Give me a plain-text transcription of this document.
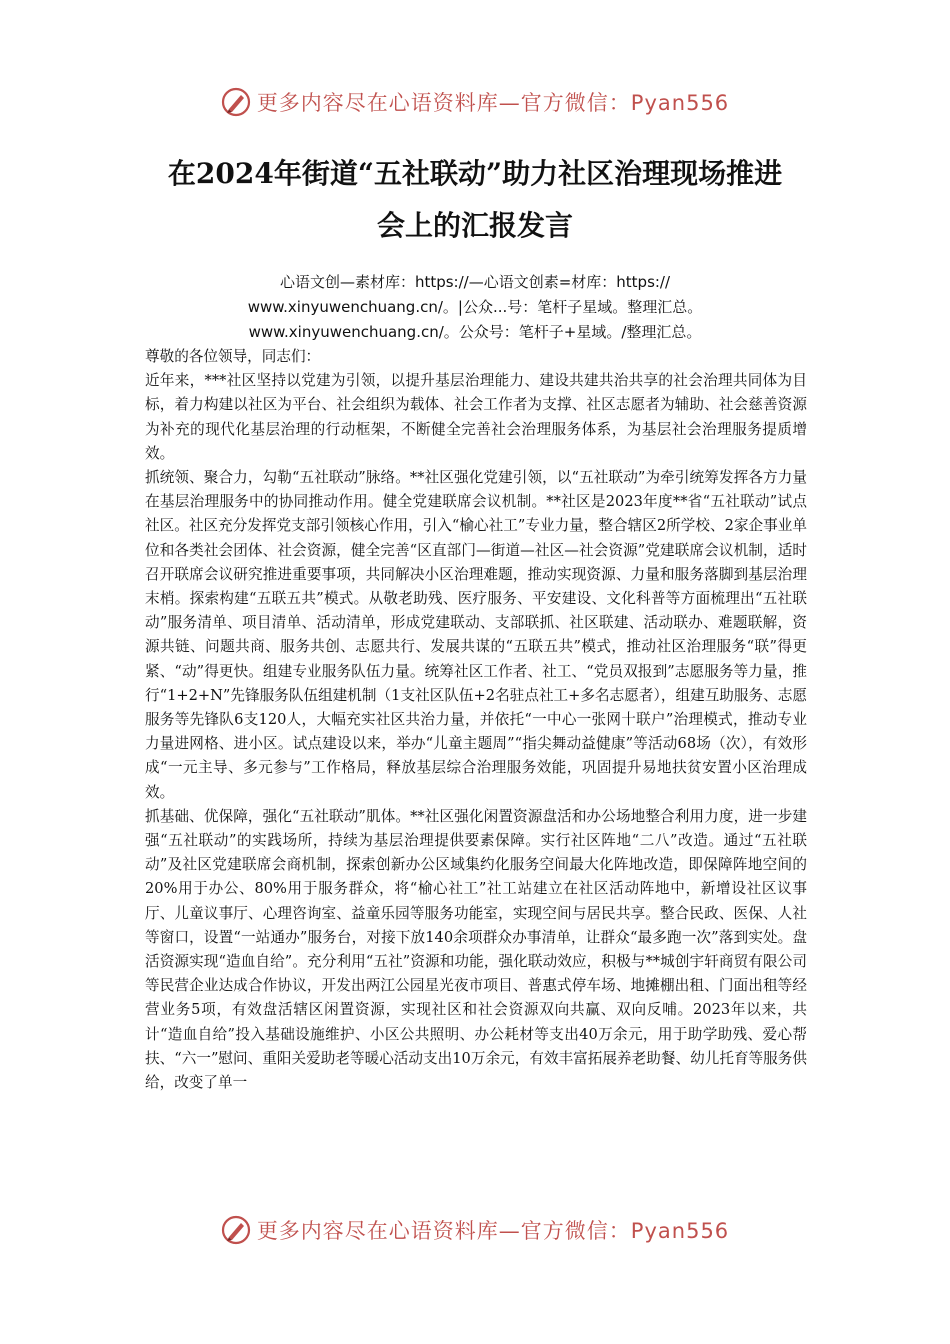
更多内容尽在心语资料库—官方微信：Pyan556
在2024年街道“五社联动”助力社区治理现场推进
会上的汇报发言
心语文创—素材库：https://—心语文创素=材库：https://
www.xinyuwenchuang.cn/。|公众...号：笔杆子星域。整理汇总。
www.xinyuwenchuang.cn/。公众号：笔杆子+星域。/整理汇总。

尊敬的各位领导，同志们：

近年来，***社区坚持以党建为引领，以提升基层治理能力、建设共建共治共享的社会治理共同体为目标，着力构建以社区为平台、社会组织为载体、社会工作者为支撑、社区志愿者为辅助、社会慈善资源为补充的现代化基层治理的行动框架，不断健全完善社会治理服务体系，为基层社会治理服务提质增效。

抓统领、聚合力，勾勒“五社联动”脉络。**社区强化党建引领，以“五社联动”为牵引统筹发挥各方力量在基层治理服务中的协同推动作用。健全党建联席会议机制。**社区是2023年度**省“五社联动”试点社区。社区充分发挥党支部引领核心作用，引入“榆心社工”专业力量，整合辖区2所学校、2家企事业单位和各类社会团体、社会资源，健全完善“区直部门—街道—社区—社会资源”党建联席会议机制，适时召开联席会议研究推进重要事项，共同解决小区治理难题，推动实现资源、力量和服务落脚到基层治理末梢。探索构建“五联五共”模式。从敬老助残、医疗服务、平安建设、文化科普等方面梳理出“五社联动”服务清单、项目清单、活动清单，形成党建联动、支部联抓、社区联建、活动联办、难题联解，资源共链、问题共商、服务共创、志愿共行、发展共谋的“五联五共”模式，推动社区治理服务“联”得更紧、“动”得更快。组建专业服务队伍力量。统筹社区工作者、社工、“党员双报到”志愿服务等力量，推行“1+2+N”先锋服务队伍组建机制（1支社区队伍+2名驻点社工+多名志愿者），组建互助服务、志愿服务等先锋队6支120人，大幅充实社区共治力量，并依托“一中心一张网十联户”治理模式，推动专业力量进网格、进小区。试点建设以来，举办“儿童主题周”“指尖舞动益健康”等活动68场（次），有效形成“一元主导、多元参与”工作格局，释放基层综合治理服务效能，巩固提升易地扶贫安置小区治理成效。

抓基础、优保障，强化“五社联动”肌体。**社区强化闲置资源盘活和办公场地整合利用力度，进一步建强“五社联动”的实践场所，持续为基层治理提供要素保障。实行社区阵地“二八”改造。通过“五社联动”及社区党建联席会商机制，探索创新办公区域集约化服务空间最大化阵地改造，即保障阵地空间的20%用于办公、80%用于服务群众，将“榆心社工”社工站建立在社区活动阵地中，新增设社区议事厅、儿童议事厅、心理咨询室、益童乐园等服务功能室，实现空间与居民共享。整合民政、医保、人社等窗口，设置“一站通办”服务台，对接下放140余项群众办事清单，让群众“最多跑一次”落到实处。盘活资源实现“造血自给”。充分利用“五社”资源和功能，强化联动效应，积极与**城创宇轩商贸有限公司等民营企业达成合作协议，开发出两江公园星光夜市项目、普惠式停车场、地摊棚出租、门面出租等经营业务5项，有效盘活辖区闲置资源，实现社区和社会资源双向共赢、双向反哺。2023年以来，共计“造血自给”投入基础设施维护、小区公共照明、办公耗材等支出40万余元，用于助学助残、爱心帮扶、“六一”慰问、重阳关爱助老等暖心活动支出10万余元，有效丰富拓展养老助餐、幼儿托育等服务供给，改变了单一

更多内容尽在心语资料库—官方微信：Pyan556
